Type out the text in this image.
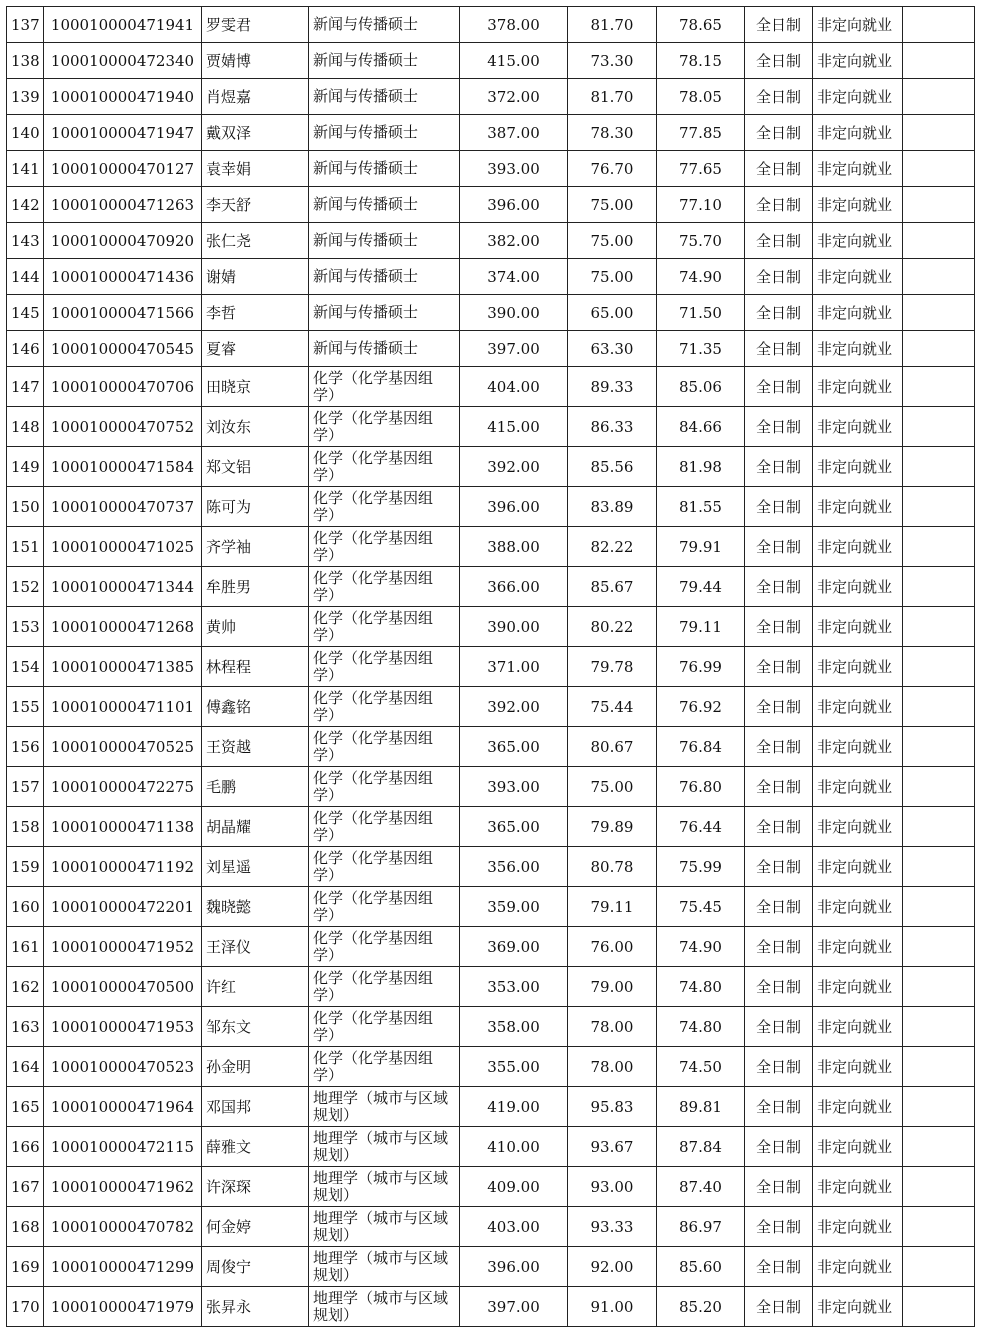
137	100010000471941	罗雯君	新闻与传播硕士	378.00	81.70	78.65	全日制	非定向就业	
138	100010000472340	贾婧博	新闻与传播硕士	415.00	73.30	78.15	全日制	非定向就业	
139	100010000471940	肖煜嘉	新闻与传播硕士	372.00	81.70	78.05	全日制	非定向就业	
140	100010000471947	戴双泽	新闻与传播硕士	387.00	78.30	77.85	全日制	非定向就业	
141	100010000470127	袁幸娟	新闻与传播硕士	393.00	76.70	77.65	全日制	非定向就业	
142	100010000471263	李天舒	新闻与传播硕士	396.00	75.00	77.10	全日制	非定向就业	
143	100010000470920	张仁尧	新闻与传播硕士	382.00	75.00	75.70	全日制	非定向就业	
144	100010000471436	谢婧	新闻与传播硕士	374.00	75.00	74.90	全日制	非定向就业	
145	100010000471566	李哲	新闻与传播硕士	390.00	65.00	71.50	全日制	非定向就业	
146	100010000470545	夏睿	新闻与传播硕士	397.00	63.30	71.35	全日制	非定向就业	
147	100010000470706	田晓京	化学（化学基因组学）	404.00	89.33	85.06	全日制	非定向就业	
148	100010000470752	刘汝东	化学（化学基因组学）	415.00	86.33	84.66	全日制	非定向就业	
149	100010000471584	郑文铝	化学（化学基因组学）	392.00	85.56	81.98	全日制	非定向就业	
150	100010000470737	陈可为	化学（化学基因组学）	396.00	83.89	81.55	全日制	非定向就业	
151	100010000471025	齐学袖	化学（化学基因组学）	388.00	82.22	79.91	全日制	非定向就业	
152	100010000471344	牟胜男	化学（化学基因组学）	366.00	85.67	79.44	全日制	非定向就业	
153	100010000471268	黄帅	化学（化学基因组学）	390.00	80.22	79.11	全日制	非定向就业	
154	100010000471385	林程程	化学（化学基因组学）	371.00	79.78	76.99	全日制	非定向就业	
155	100010000471101	傅鑫铭	化学（化学基因组学）	392.00	75.44	76.92	全日制	非定向就业	
156	100010000470525	王资越	化学（化学基因组学）	365.00	80.67	76.84	全日制	非定向就业	
157	100010000472275	毛鹏	化学（化学基因组学）	393.00	75.00	76.80	全日制	非定向就业	
158	100010000471138	胡晶耀	化学（化学基因组学）	365.00	79.89	76.44	全日制	非定向就业	
159	100010000471192	刘星遥	化学（化学基因组学）	356.00	80.78	75.99	全日制	非定向就业	
160	100010000472201	魏晓懿	化学（化学基因组学）	359.00	79.11	75.45	全日制	非定向就业	
161	100010000471952	王泽仪	化学（化学基因组学）	369.00	76.00	74.90	全日制	非定向就业	
162	100010000470500	许红	化学（化学基因组学）	353.00	79.00	74.80	全日制	非定向就业	
163	100010000471953	邹东文	化学（化学基因组学）	358.00	78.00	74.80	全日制	非定向就业	
164	100010000470523	孙金明	化学（化学基因组学）	355.00	78.00	74.50	全日制	非定向就业	
165	100010000471964	邓国邦	地理学（城市与区域规划）	419.00	95.83	89.81	全日制	非定向就业	
166	100010000472115	薛雅文	地理学（城市与区域规划）	410.00	93.67	87.84	全日制	非定向就业	
167	100010000471962	许深琛	地理学（城市与区域规划）	409.00	93.00	87.40	全日制	非定向就业	
168	100010000470782	何金婷	地理学（城市与区域规划）	403.00	93.33	86.97	全日制	非定向就业	
169	100010000471299	周俊宁	地理学（城市与区域规划）	396.00	92.00	85.60	全日制	非定向就业	
170	100010000471979	张昇永	地理学（城市与区域规划）	397.00	91.00	85.20	全日制	非定向就业	
